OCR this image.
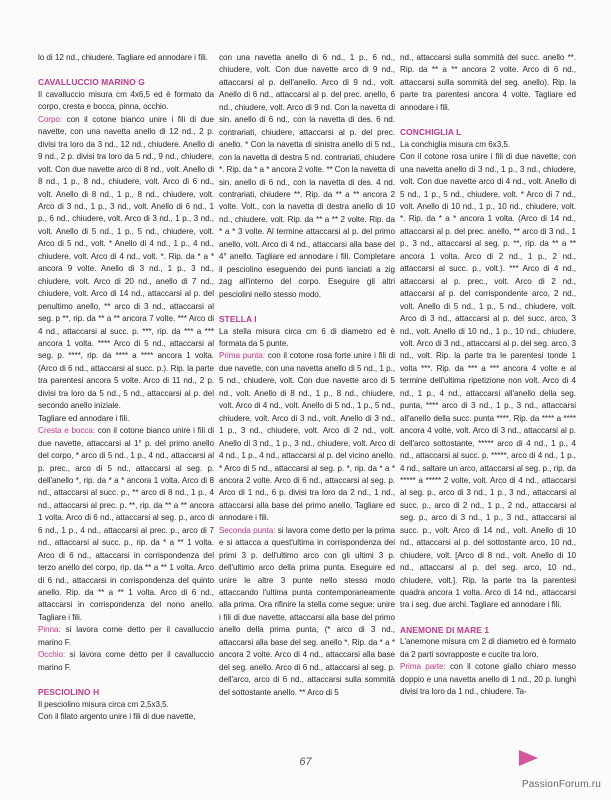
lo di 12 nd., chiudere. Tagliare ed annodare i fili.

CAVALLUCCIO MARINO G

Il cavalluccio misura cm 4x6,5 ed è formato da corpo, cresta e bocca, pinna, occhio.

Corpo: con il cotone bianco unire i fili di due navette, con una navetta anello di 12 nd., 2 p. divisi tra loro da 3 nd., 12 nd., chiudere. Anello di 9 nd., 2 p. divisi tra loro da 5 nd., 9 nd., chiudere, volt. Con due navette arco di 8 nd., volt. Anello di 8 nd., 1 p., 8 nd., chiudere, volt. Arco di 6 nd., volt. Anello di 8 nd., 1 p., 8 nd., chiudere, volt. Arco di 3 nd., 1 p., 3 nd., volt. Anello di 6 nd., 1 p., 6 nd., chiudere, volt. Arco di 3 nd., 1 p., 3 nd., volt. Anello di 5 nd., 1 p., 5 nd., chiudere, volt. Arco di 5 nd., volt. * Anello di 4 nd., 1 p., 4 nd., chiudere, volt. Arco di 4 nd., volt. *. Rip. da * a * ancora 9 volte. Anello di 3 nd., 1 p., 3 nd., chiudere, volt. Arco di 20 nd., anello di 7 nd., chiudere, volt. Arco di 14 nd., attaccarsi al p. del penultimo anello, ** arco di 3 nd., attaccarsi al seg. p **, rip. da ** a ** ancora 7 volte. *** Arco di 4 nd., attaccarsi al succ. p. ***, rip. da *** a *** ancora 1 volta. **** Arco di 5 nd., attaccarsi al seg. p. ****, rip. da **** a **** ancora 1 volta. (Arco di 6 nd., attaccarsi al succ. p.). Rip. la parte tra parentesi ancora 5 volte. Arco di 11 nd., 2 p. divisi tra loro da 5 nd., 5 nd., attaccarsi al p. del secondo anello iniziale.

Tagliare ed annodare i fili.

Cresta e bocca: con il cotone bianco unire i fili di due navette, attaccarsi al 1° p. del primo anello del corpo, * arco di 5 nd., 1 p., 4 nd., attaccarsi al p. prec., arco di 5 nd., attaccarsi al seg. p. dell'anello *, rip. da * a * ancora 1 volta. Arco di 8 nd., attaccarsi al succ. p., ** arco di 8 nd., 1 p., 4 nd., attaccarsi al prec. p. **, rip. da ** a ** ancora 1 volta. Arco di 6 nd., attaccarsi al seg. p., arco di 6 nd., 1 p., 4 nd., attaccarsi al prec. p., arco di 7 nd., attaccarsi al succ. p., rip. da * a ** 1 volta. Arco di 6 nd., attaccarsi in corrispondenza del terzo anello del corpo, rip. da ** a ** 1 volta. Arco di 6 nd., attaccarsi in corrispondenza del quinto anello. Rip. da ** a ** 1 volta. Arco di 6 nd., attaccarsi in corrispondenza del nono anello. Tagliare i fili.

Pinna: si lavora come detto per il cavalluccio marino F.

Occhio: si lavora come detto per il cavalluccio marino F.

PESCIOLINO H

Il pesciolino misura circa cm 2,5x3,5.

Con il filato argento unire i fili di due navette,

con una navetta anello di 6 nd., 1 p., 6 nd., chiudere, volt. Con due navette arco di 9 nd., attaccarsi al p. dell'anello. Arco di 9 nd., volt. Anello di 6 nd., attaccarsi al p. del prec. anello, 6 nd., chiudere, volt. Arco di 9 nd. Con la navetta di sin. anello di 6 nd., con la navetta di des. 6 nd. contrariati, chiudere, attaccarsi al p. del prec. anello. * Con la navetta di sinistra anello di 5 nd., con la navetta di destra 5 nd. contrariati, chiudere *. Rip. da * a * ancora 2 volte. ** Con la navetta di sin. anello di 6 nd., con la navetta di des. 4 nd. contrariati, chiudere **. Rip. da ** a ** ancora 2 volte. Volt., con la navetta di destra anello di 10 nd., chiudere, volt. Rip. da ** a ** 2 volte. Rip. da * a * 3 volte. Al termine attaccarsi al p. del primo anello, volt. Arco di 4 nd., attaccarsi alla base del 4° anello. Tagliare ed annodare i fili. Completare il pesciolino eseguendo dei punti lanciati a zig zag all'interno del corpo. Eseguire gli altri pesciolini nello stesso modo.

STELLA I

La stella misura circa cm 6 di diametro ed è formata da 5 punte.

Prima punta: con il cotone rosa forte unire i fili di due navette, con una navetta anello di 5 nd., 1 p., 5 nd., chiudere, volt. Con due navette arco di 5 nd., volt. Anello di 8 nd., 1 p., 8 nd., chiudere, volt. Arco di 4 nd., volt. Anello di 5 nd., 1 p., 5 nd., chiudere, volt. Arco di 3 nd., volt. Anello di 3 nd., 1 p., 3 nd., chiudere, volt. Arco di 2 nd., volt. Anello di 3 nd., 1 p., 3 nd., chiudere, volt. Arco di 4 nd., 1 p., 4 nd., attaccarsi al p. del vicino anello. * Arco di 5 nd., attaccarsi al seg. p. *, rip. da * a * ancora 2 volte. Arco di 6 nd., attaccarsi al seg. p. Arco di 1 nd., 6 p. divisi tra loro da 2 nd., 1 nd., attaccarsi alla base del primo anello. Tagliare ed annodare i fili.

Seconda punta: si lavora come detto per la prima e si attacca a quest'ultima in corrispondenza dei primi 3 p. dell'ultimo arco con gli ultimi 3 p. dell'ultimo arco della prima punta. Eseguire ed unire le altre 3 punte nello stesso modo attaccando l'ultima punta contemporaneamente alla prima. Ora rifinire la stella come segue: unire i fili di due navette, attaccarsi alla base del primo anello della prima punta, (* arco di 3 nd., attaccarsi alla base del seg. anello *. Rip. da * a * ancora 2 volte. Arco di 4 nd., attaccarsi alla base del seg. anello. Arco di 6 nd., attaccarsi al seg. p. dell'arco, arco di 6 nd., attaccarsi sulla sommità del sottostante anello. ** Arco di 5

nd., attaccarsi sulla sommità del succ. anello **. Rip. da ** a ** ancora 2 volte. Arco di 6 nd., attaccarsi sulla sommità del seg. anello). Rip. la parte tra parentesi ancora 4 volte. Tagliare ed annodare i fili.

CONCHIGLIA L

La conchiglia misura cm 6x3,5.

Con il cotone rosa unire i fili di due navette, con una navetta anello di 3 nd., 1 p., 3 nd., chiudere, volt. Con due navette arco di 4 nd., volt. Anello di 5 nd., 1 p., 5 nd., chiudere, volt. * Arco di 7 nd., volt. Anello di 10 nd., 1 p., 10 nd., chiudere, volt. *. Rip. da * a * ancora 1 volta. (Arco di 14 nd., attaccarsi al p. del prec. anello, ** arco di 3 nd., 1 p., 3 nd., attaccarsi al seg. p. **, rip. da ** a ** ancora 1 volta. Arco di 2 nd., 1 p., 2 nd., attaccarsi al succ. p., volt.). *** Arco di 4 nd., attaccarsi al p. prec., volt. Arco di 2 nd., attaccarsi al p. del corrispondente arco, 2 nd., volt. Anello di 5 nd., 1 p., 5 nd., chiudere, volt. Arco di 3 nd., attaccarsi al p. del succ. arco, 3 nd., volt. Anello di 10 nd., 1 p., 10 nd., chiudere, volt. Arco di 3 nd., attaccarsi al p. del seg. arco, 3 nd., volt. Rip. la parte tra le parentesi tonde 1 volta ***. Rip. da *** a *** ancora 4 volte e al termine dell'ultima ripetizione non volt. Arco di 4 nd., 1 p., 4 nd., attaccarsi all'anello della seg. punta, **** arco di 3 nd., 1 p., 3 nd., attaccarsi all'anello della succ. punta ****. Rip. da **** a **** ancora 4 volte, volt. Arco di 3 nd., attaccarsi al p. dell'arco sottostante, ***** arco di 4 nd., 1 p., 4 nd., attaccarsi al succ. p. *****, arco di 4 nd., 1 p., 4 nd., saltare un arco, attaccarsi al seg. p., rip. da ***** a ***** 2 volte, volt. Arco di 4 nd., attaccarsi al seg. p., arco di 3 nd., 1 p., 3 nd., attaccarsi al succ. p., arco di 2 nd., 1 p., 2 nd., attaccarsi al seg. p., arco di 3 nd., 1 p., 3 nd., attaccarsi al succ. p., volt. Arco di 14 nd., volt. Anello di 10 nd., attaccarsi al p. del sottostante arco, 10 nd., chiudere, volt. [Arco di 8 nd., volt. Anello di 10 nd., attaccarsi al p. del seg. arco, 10 nd., chiudere, volt.]. Rip. la parte tra la parentesi quadra ancora 1 volta. Arco di 14 nd., attaccarsi tra i seg. due archi. Tagliare ed annodare i fili.

ANEMONE DI MARE 1

L'anemone misura cm 2 di diametro ed è formato da 2 parti sovrapposte e cucite tra loro.

Prima parte: con il cotone giallo chiaro messo doppio e una navetta anello di 1 nd., 20 p. lunghi divisi tra loro da 1 nd., chiudere. Ta-

67
PassionForum.ru
